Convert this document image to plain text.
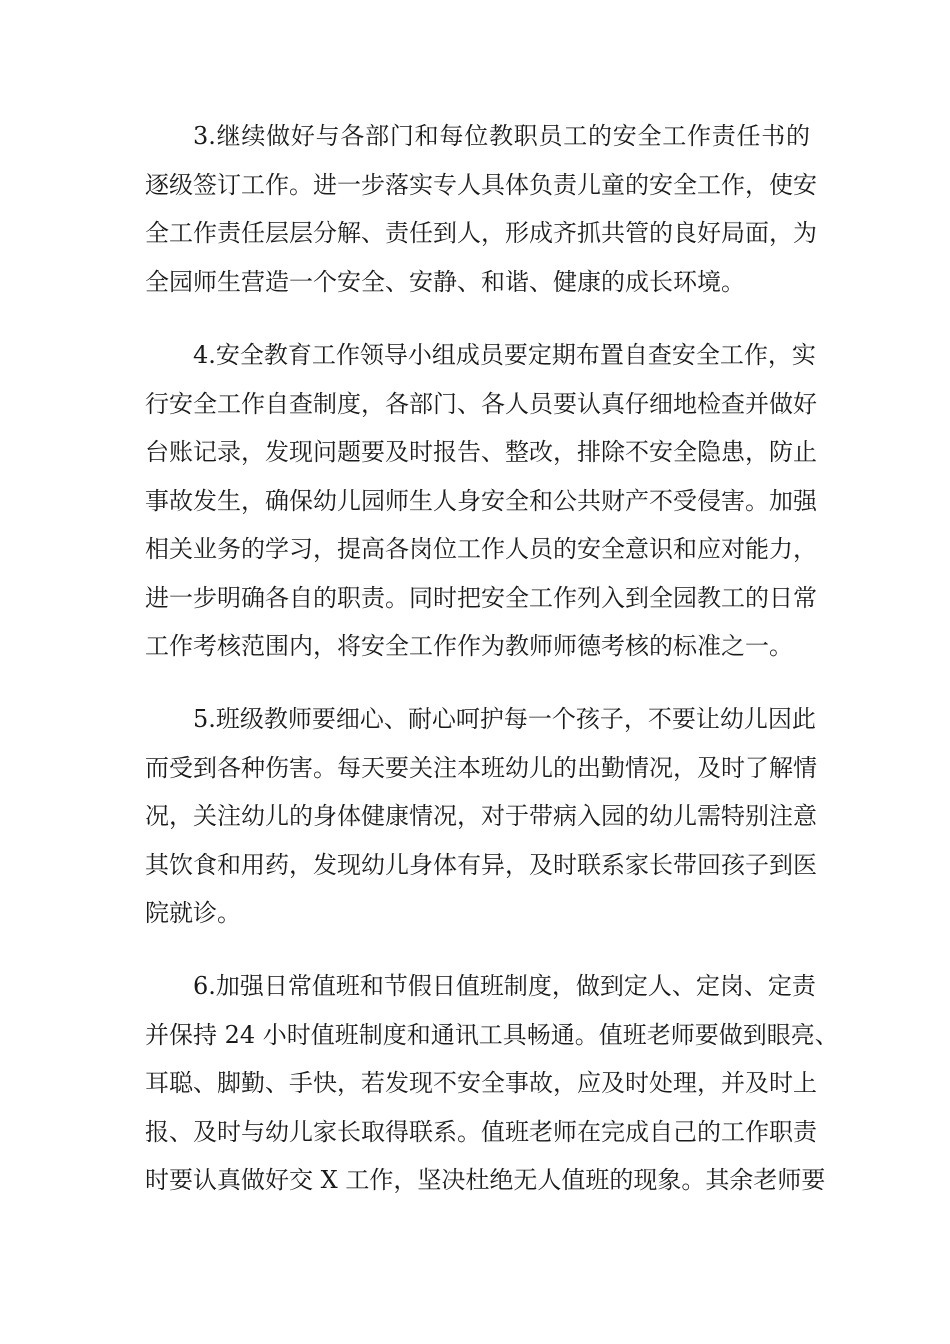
3.继续做好与各部门和每位教职员工的安全工作责任书的
逐级签订工作。进一步落实专人具体负责儿童的安全工作，使安
全工作责任层层分解、责任到人，形成齐抓共管的良好局面，为
全园师生营造一个安全、安静、和谐、健康的成长环境。
4.安全教育工作领导小组成员要定期布置自查安全工作，实
行安全工作自查制度，各部门、各人员要认真仔细地检查并做好
台账记录，发现问题要及时报告、整改，排除不安全隐患，防止
事故发生，确保幼儿园师生人身安全和公共财产不受侵害。加强
相关业务的学习，提高各岗位工作人员的安全意识和应对能力，
进一步明确各自的职责。同时把安全工作列入到全园教工的日常
工作考核范围内，将安全工作作为教师师德考核的标准之一。
5.班级教师要细心、耐心呵护每一个孩子，不要让幼儿因此
而受到各种伤害。每天要关注本班幼儿的出勤情况，及时了解情
况，关注幼儿的身体健康情况，对于带病入园的幼儿需特别注意
其饮食和用药，发现幼儿身体有异，及时联系家长带回孩子到医
院就诊。
6.加强日常值班和节假日值班制度，做到定人、定岗、定责
并保持 24 小时值班制度和通讯工具畅通。值班老师要做到眼亮、
耳聪、脚勤、手快，若发现不安全事故，应及时处理，并及时上
报、及时与幼儿家长取得联系。值班老师在完成自己的工作职责
时要认真做好交 X 工作，坚决杜绝无人值班的现象。其余老师要
